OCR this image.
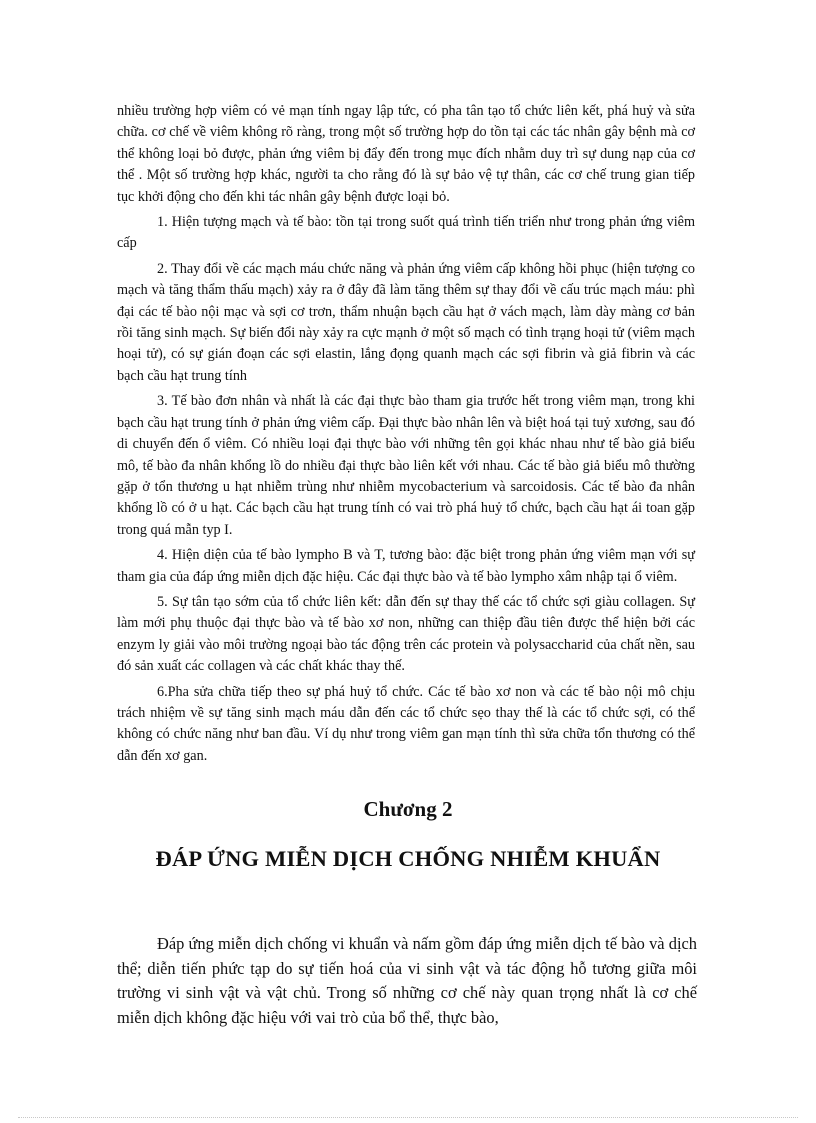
nhiều trường hợp viêm có vẻ mạn tính ngay lập tức, có pha tân tạo tổ chức liên kết, phá huỷ và sửa chữa. cơ chế về viêm không rõ ràng, trong một số trường hợp do tồn tại các tác nhân gây bệnh mà cơ thể không loại bỏ được, phản ứng viêm bị đẩy đến trong mục đích nhằm duy trì sự dung nạp của cơ thể . Một số trường hợp khác, người ta cho rằng đó là sự bảo vệ tự thân, các cơ chế trung gian tiếp tục khởi động cho đến khi tác nhân gây bệnh được loại bỏ.

1. Hiện tượng mạch và tế bào: tồn tại trong suốt quá trình tiến triển như trong phản ứng viêm cấp

2. Thay đổi về các mạch máu chức năng và phản ứng viêm cấp không hồi phục (hiện tượng co mạch và tăng thẩm thấu mạch) xảy ra ở đây đã làm tăng thêm sự thay đổi về cấu trúc mạch máu: phì đại các tế bào nội mạc và sợi cơ trơn, thẩm nhuận bạch cầu hạt ở vách mạch, làm dày màng cơ bản rồi tăng sinh mạch. Sự biến đổi này xảy ra cực mạnh ở một số mạch có tình trạng hoại tử (viêm mạch hoại tử), có sự gián đoạn các sợi elastin, lắng đọng quanh mạch các sợi fibrin và giả fibrin và các bạch cầu hạt trung tính

3. Tế bào đơn nhân và nhất là các đại thực bào tham gia trước hết trong viêm mạn, trong khi bạch cầu hạt trung tính ở phản ứng viêm cấp. Đại thực bào nhân lên và biệt hoá tại tuỷ xương, sau đó di chuyển đến ổ viêm. Có nhiều loại đại thực bào với những tên gọi khác nhau như tế bào giả biểu mô, tế bào đa nhân khổng lồ do nhiều đại thực bào liên kết với nhau. Các tế bào giả biểu mô thường gặp ở tổn thương u hạt nhiễm trùng như nhiễm mycobacterium và sarcoidosis. Các tế bào đa nhân khổng lồ có ở u hạt. Các bạch cầu hạt trung tính có vai trò phá huỷ tổ chức, bạch cầu hạt ái toan gặp trong quá mẫn typ I.

4. Hiện diện của tế bào lympho B và T, tương bào: đặc biệt trong phản ứng viêm mạn với sự tham gia của đáp ứng miễn dịch đặc hiệu. Các đại thực bào và tế bào lympho xâm nhập tại ổ viêm.

5. Sự tân tạo sớm của tổ chức liên kết: dẫn đến sự thay thế các tổ chức sợi giàu collagen. Sự làm mới phụ thuộc đại thực bào và tế bào xơ non, những can thiệp đầu tiên được thể hiện bởi các enzym ly giải vào môi trường ngoại bào tác động trên các protein và polysaccharid của chất nền, sau đó sản xuất các collagen và các chất khác thay thế.

6.Pha sửa chữa tiếp theo sự phá huỷ tổ chức. Các tế bào xơ non và các tế bào nội mô chịu trách nhiệm về sự tăng sinh mạch máu dẫn đến các tổ chức sẹo thay thế là các tổ chức sợi, có thể không có chức năng như ban đầu. Ví dụ như trong viêm gan mạn tính thì sửa chữa tổn thương có thể dẫn đến xơ gan.

Chương 2
ĐÁP ỨNG MIỄN DỊCH CHỐNG NHIỄM KHUẨN

Đáp ứng miễn dịch chống vi khuẩn và nấm gồm đáp ứng miễn dịch tế bào và dịch thể; diễn tiến phức tạp do sự tiến hoá của vi sinh vật và tác động hỗ tương giữa môi trường vi sinh vật và vật chủ. Trong số những cơ chế này quan trọng nhất là cơ chế miễn dịch không đặc hiệu với vai trò của bổ thể, thực bào,
